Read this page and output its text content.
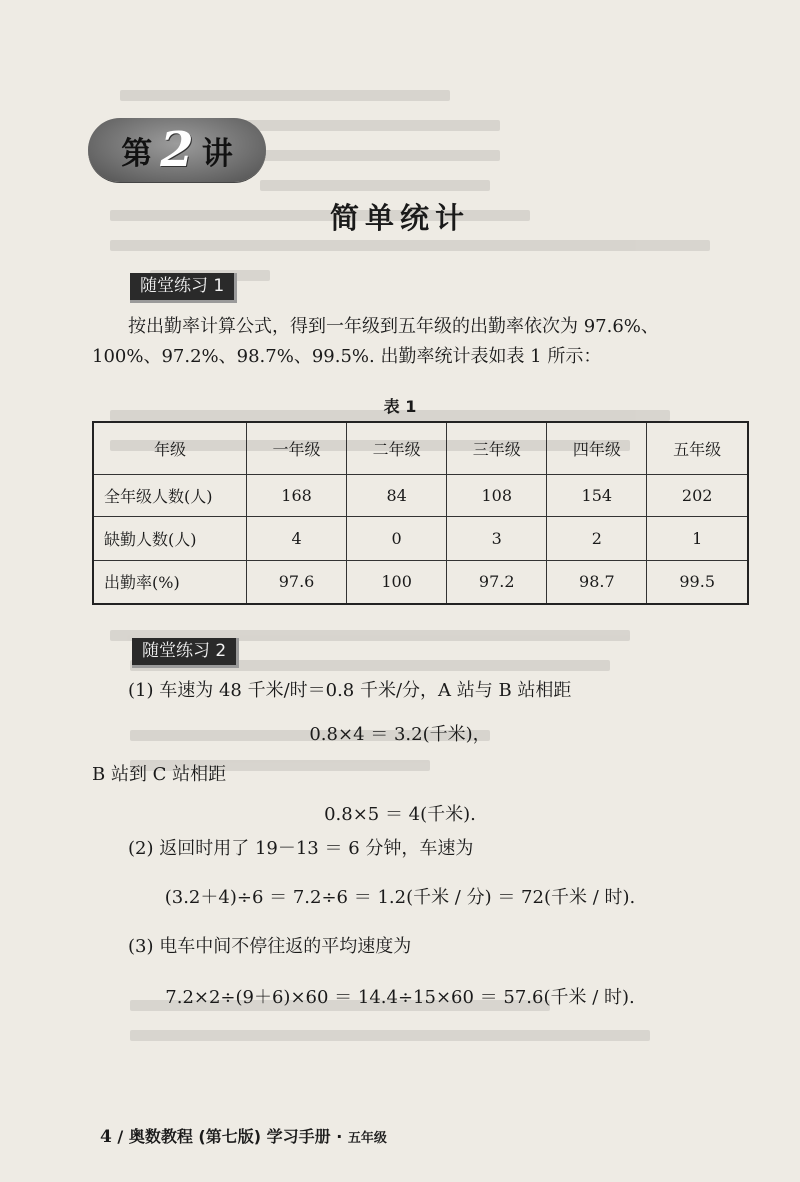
第 2 讲
简单统计
随堂练习 1
按出勤率计算公式，得到一年级到五年级的出勤率依次为 97.6%、
100%、97.2%、98.7%、99.5%. 出勤率统计表如表 1 所示：
表 1
年级	一年级	二年级	三年级	四年级	五年级
全年级人数(人)	168	84	108	154	202
缺勤人数(人)	4	0	3	2	1
出勤率(%)	97.6	100	97.2	98.7	99.5
随堂练习 2
(1) 车速为 48 千米/时＝0.8 千米/分，A 站与 B 站相距
0.8×4 ＝ 3.2(千米)，
B 站到 C 站相距
0.8×5 ＝ 4(千米).
(2) 返回时用了 19－13 ＝ 6 分钟，车速为
(3.2＋4)÷6 ＝ 7.2÷6 ＝ 1.2(千米 / 分) ＝ 72(千米 / 时).
(3) 电车中间不停往返的平均速度为
7.2×2÷(9＋6)×60 ＝ 14.4÷15×60 ＝ 57.6(千米 / 时).
4 / 奥数教程 (第七版) 学习手册 · 五年级
